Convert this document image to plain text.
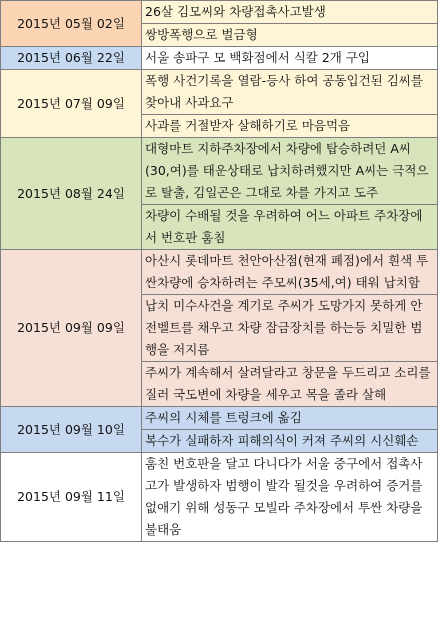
2015년 05월 02일	26살 김모씨와 차량접촉사고발생
	쌍방폭행으로 벌금형
2015년 06월 22일	서울 송파구 모 백화점에서 식칼 2개 구입
2015년 07월 09일	폭행 사건기록을 열람-등사 하여 공동입건된 김씨를 찾아내 사과요구
	사과를 거절받자 살해하기로 마음먹음
2015년 08월 24일	대형마트 지하주차장에서 차량에 탑승하려던 A씨(30,여)를 태운상태로 납치하려했지만 A씨는 극적으로 탈출, 김일곤은 그대로 차를 가지고 도주
	차량이 수배될 것을 우려하여 어느 아파트 주차장에서 번호판 훔침
2015년 09월 09일	아산시 롯데마트 천안아산점(현재 폐점)에서 흰색 투싼차량에 승차하려는 주모씨(35세,여) 태워 납치함
	납치 미수사건을 계기로 주씨가 도망가지 못하게 안전벨트를 채우고 차량 잠금장치를 하는등 치밀한 범행을 저지름
	주씨가 계속해서 살려달라고 창문을 두드리고 소리를 질러 국도변에 차량을 세우고 목을 졸라 살해
2015년 09월 10일	주씨의 시체를 트렁크에 옮김
	복수가 실패하자 피해의식이 커져 주씨의 시신훼손
2015년 09월 11일	훔친 번호판을 달고 다니다가 서울 중구에서 접촉사고가 발생하자 범행이 발각 될것을 우려하여 증거를 없애기 위해 성동구 모빌라 주차장에서 투싼 차량을 불태움
